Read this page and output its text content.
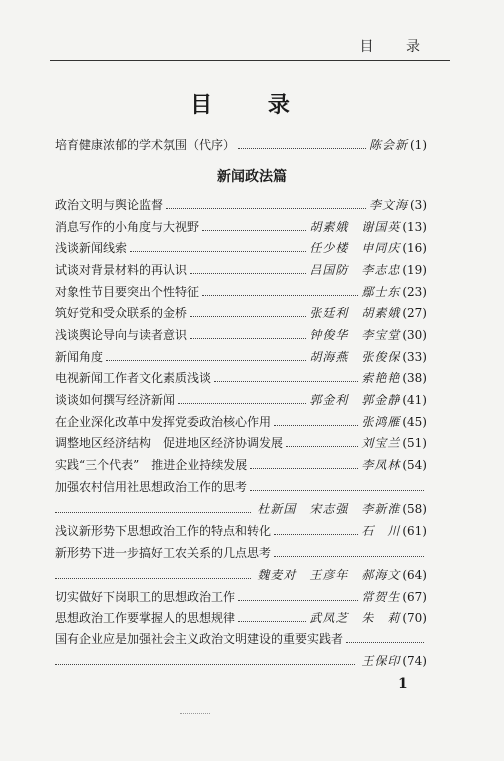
目 录
目 录
培育健康浓郁的学术氛围（代序）	陈会新 (1)
新闻政法篇
政治文明与舆论监督	李文海 (3)
消息写作的小角度与大视野	胡素娥　谢国英 (13)
浅谈新闻线索	任少楼　申同庆 (16)
试谈对背景材料的再认识	吕国防　李志忠 (19)
对象性节目要突出个性特征	鄢士东 (23)
筑好党和受众联系的金桥	张廷利　胡素娥 (27)
浅谈舆论导向与读者意识	钟俊华　李宝堂 (30)
新闻角度	胡海燕　张俊保 (33)
电视新闻工作者文化素质浅谈	索艳艳 (38)
谈谈如何撰写经济新闻	郭金利　郭金静 (41)
在企业深化改革中发挥党委政治核心作用	张鸿雁 (45)
调整地区经济结构　促进地区经济协调发展	刘宝兰 (51)
实践“三个代表”　推进企业持续发展	李凤林 (54)
加强农村信用社思想政治工作的思考
杜新国　宋志强　李新淮 (58)
浅议新形势下思想政治工作的特点和转化	石　川 (61)
新形势下进一步搞好工农关系的几点思考
魏麦对　王彦年　郝海文 (64)
切实做好下岗职工的思想政治工作	常贺生 (67)
思想政治工作要掌握人的思想规律	武凤芝　朱　莉 (70)
国有企业应是加强社会主义政治文明建设的重要实践者
王保印 (74)
1
